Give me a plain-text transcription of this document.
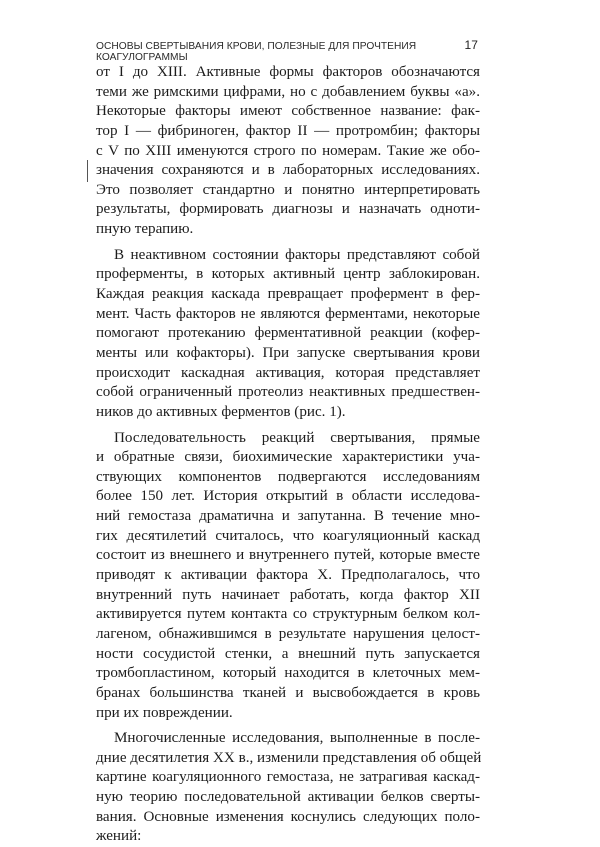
ОСНОВЫ СВЕРТЫВАНИЯ КРОВИ, ПОЛЕЗНЫЕ ДЛЯ ПРОЧТЕНИЯ КОАГУЛОГРАММЫ
17

от I до XIII. Активные формы факторов обозначаются
теми же римскими цифрами, но с добавлением буквы «а».
Некоторые факторы имеют собственное название: фак-
тор I — фибриноген, фактор II — протромбин; факторы
с V по XIII именуются строго по номерам. Такие же обо-
значения сохраняются и в лабораторных исследованиях.
Это позволяет стандартно и понятно интерпретировать
результаты, формировать диагнозы и назначать одноти-
пную терапию.

В неактивном состоянии факторы представляют собой
проферменты, в которых активный центр заблокирован.
Каждая реакция каскада превращает профермент в фер-
мент. Часть факторов не являются ферментами, некоторые
помогают протеканию ферментативной реакции (кофер-
менты или кофакторы). При запуске свертывания крови
происходит каскадная активация, которая представляет
собой ограниченный протеолиз неактивных предшествен-
ников до активных ферментов (рис. 1).

Последовательность реакций свертывания, прямые
и обратные связи, биохимические характеристики уча-
ствующих компонентов подвергаются исследованиям
более 150 лет. История открытий в области исследова-
ний гемостаза драматична и запутанна. В течение мно-
гих десятилетий считалось, что коагуляционный каскад
состоит из внешнего и внутреннего путей, которые вместе
приводят к активации фактора X. Предполагалось, что
внутренний путь начинает работать, когда фактор XII
активируется путем контакта со структурным белком кол-
лагеном, обнажившимся в результате нарушения целост-
ности сосудистой стенки, а внешний путь запускается
тромбопластином, который находится в клеточных мем-
бранах большинства тканей и высвобождается в кровь
при их повреждении.

Многочисленные исследования, выполненные в после-
дние десятилетия XX в., изменили представления об общей
картине коагуляционного гемостаза, не затрагивая каскад-
ную теорию последовательной активации белков сверты-
вания. Основные изменения коснулись следующих поло-
жений:
